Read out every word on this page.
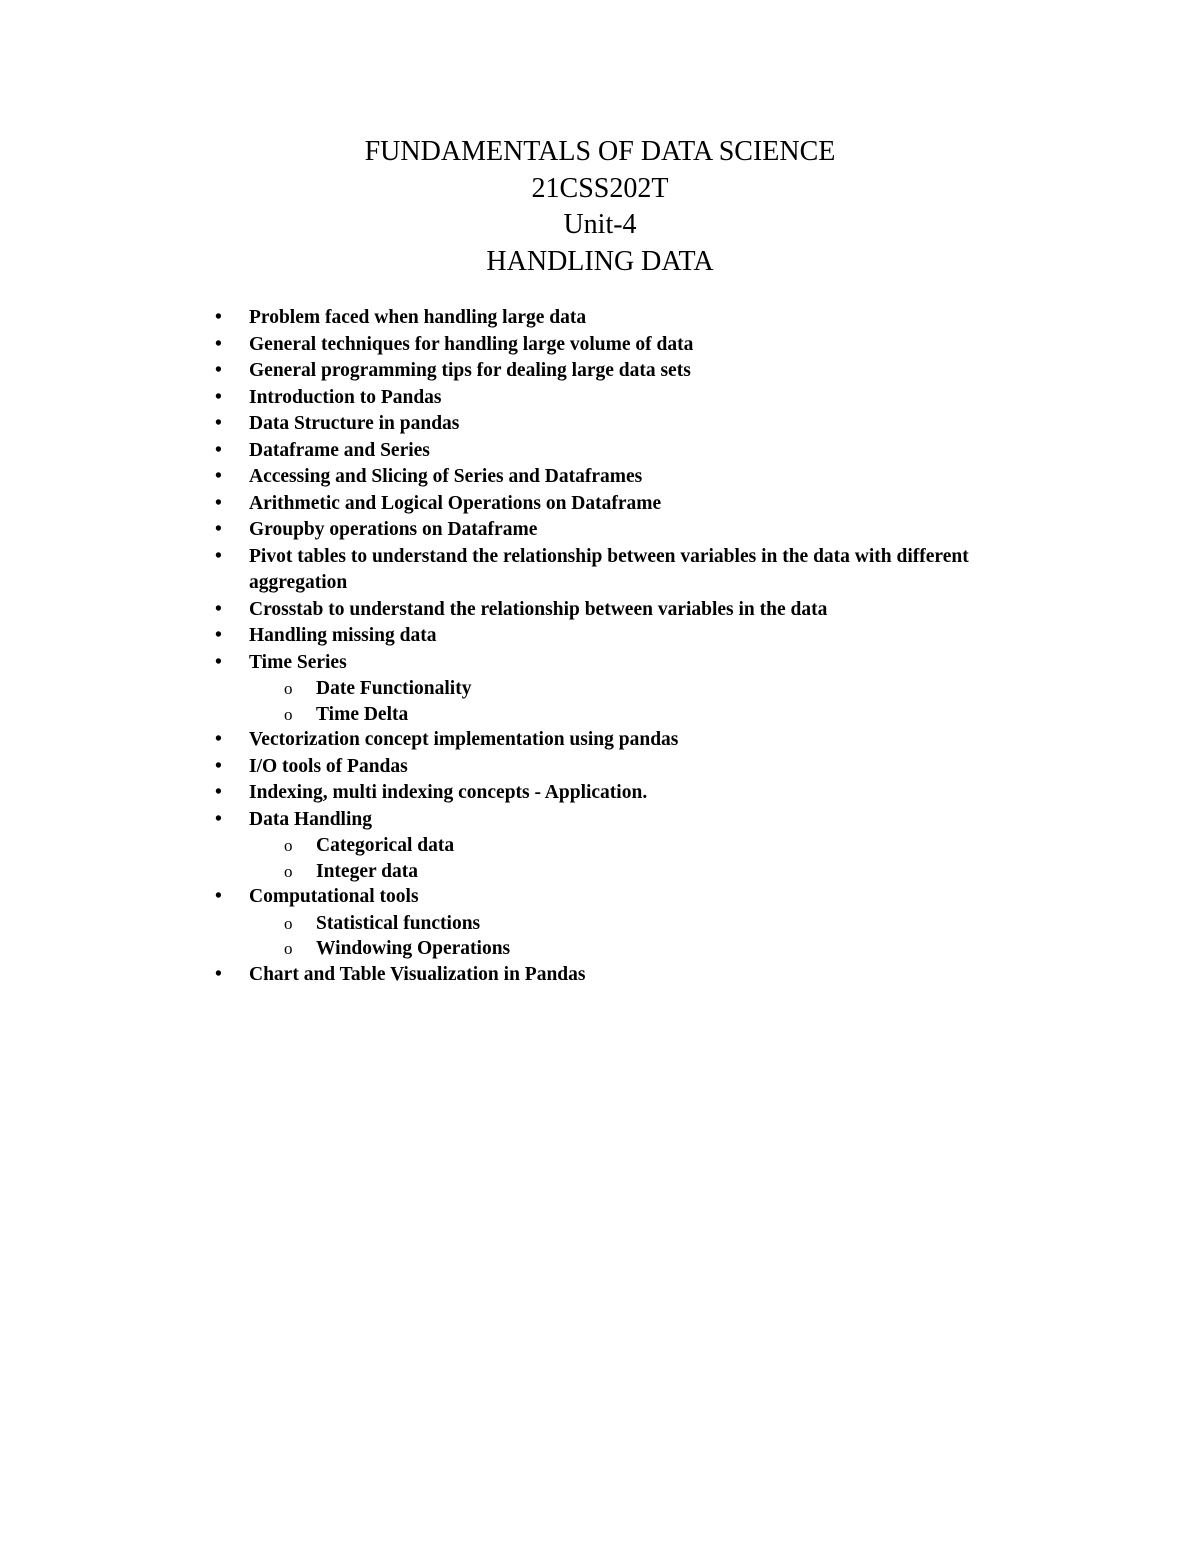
FUNDAMENTALS OF DATA SCIENCE
21CSS202T
Unit-4
HANDLING DATA
•	Problem faced when handling large data
•	General techniques for handling large volume of data
•	General programming tips for dealing large data sets
•	Introduction to Pandas
•	Data Structure in pandas
•	Dataframe and Series
•	Accessing and Slicing of Series and Dataframes
•	Arithmetic and Logical Operations on Dataframe
•	Groupby operations on Dataframe
•	Pivot tables to understand the relationship between variables in the data with different aggregation
•	Crosstab to understand the relationship between variables in the data
•	Handling missing data
•	Time Series
o Date Functionality
o Time Delta
•	Vectorization concept implementation using pandas
•	I/O tools of Pandas
•	Indexing, multi indexing concepts - Application.
•	Data Handling
o Categorical data
o Integer data
•	Computational tools
o Statistical functions
o Windowing Operations
•	Chart and Table Visualization in Pandas
